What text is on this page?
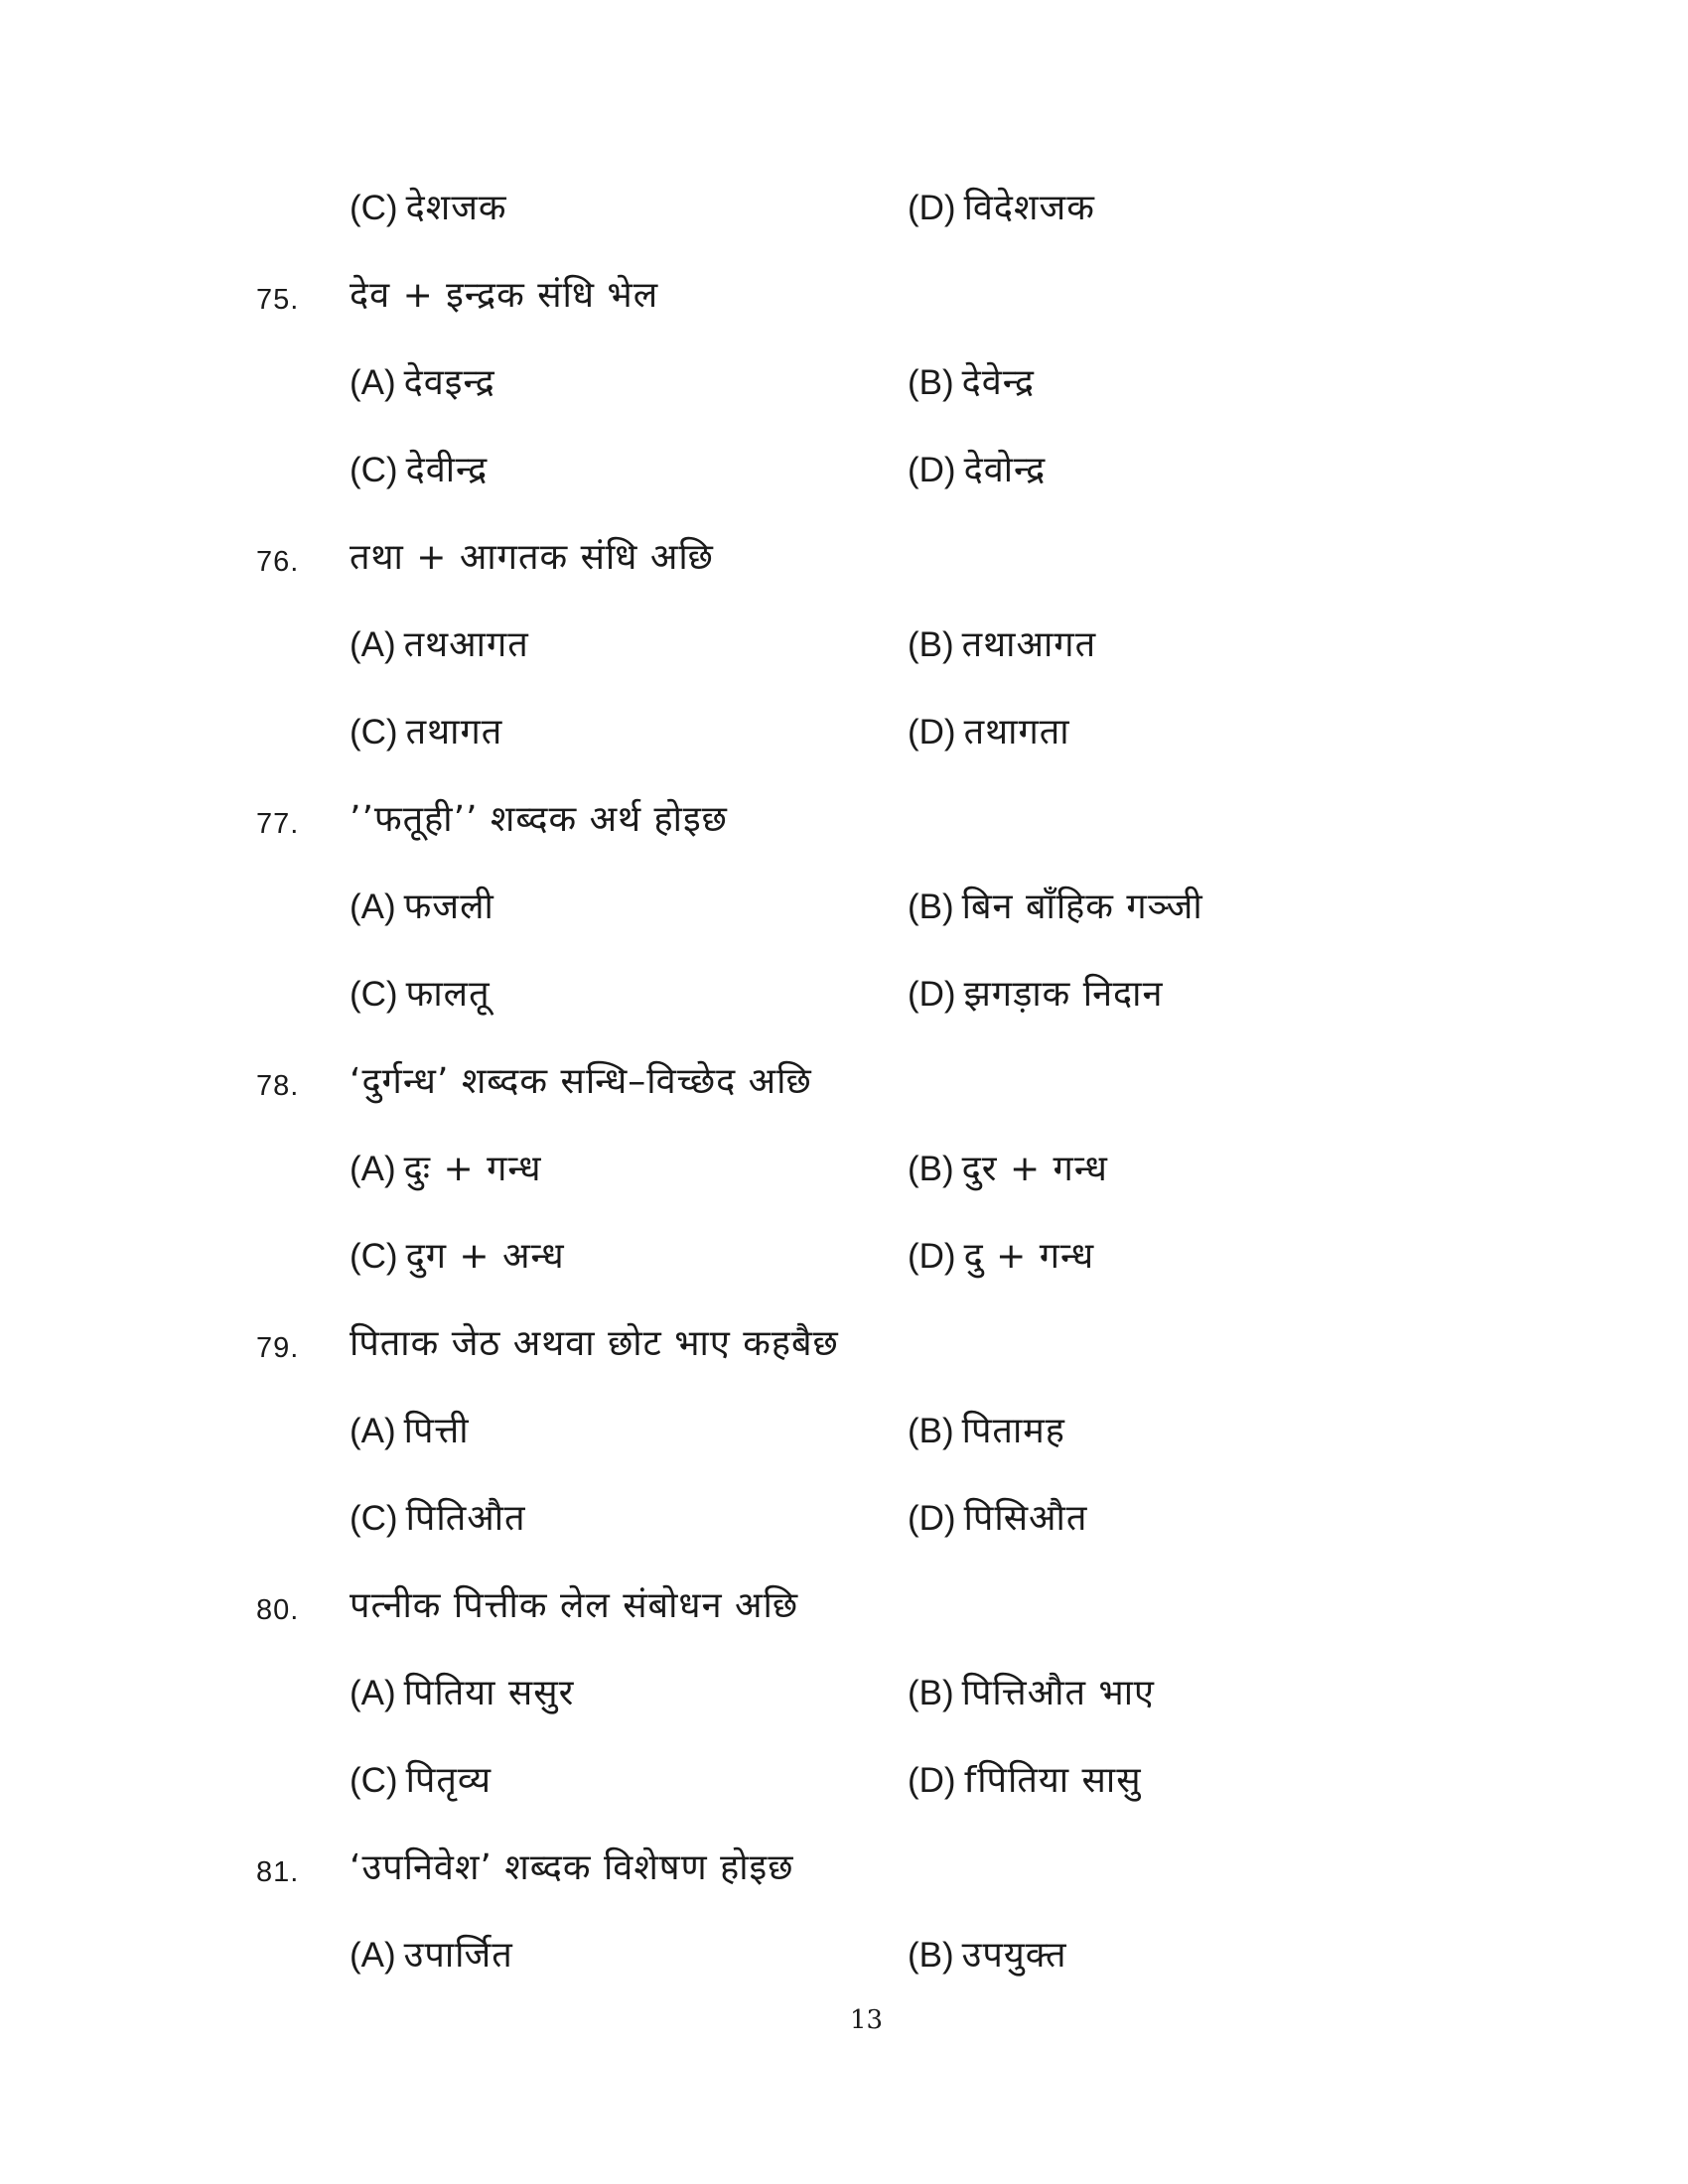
(C) देशजक	(D) विदेशजक
75. देव + इन्द्रक संधि भेल
(A) देवइन्द्र	(B) देवेन्द्र
(C) देवीन्द्र	(D) देवोन्द्र
76. तथा + आगतक संधि अछि
(A) तथआगत	(B) तथाआगत
(C) तथागत	(D) तथागता
77. ’’फतूही’’ शब्दक अर्थ होइछ
(A) फजली	(B) बिन बाँहिक गञ्जी
(C) फालतू	(D) झगड़ाक निदान
78. ‘दुर्गन्ध’ शब्दक सन्धि–विच्छेद अछि
(A) दुः + गन्ध	(B) दुर + गन्ध
(C) दुग + अन्ध	(D) दु + गन्ध
79. पिताक जेठ अथवा छोट भाए कहबैछ
(A) पित्ती	(B) पितामह
(C) पितिऔत	(D) पिसिऔत
80. पत्नीक पित्तीक लेल संबोधन अछि
(A) पितिया ससुर	(B) पित्तिऔत भाए
(C) पितृव्य	(D) fपितिया सासु
81. ‘उपनिवेश’ शब्दक विशेषण होइछ
(A) उपार्जित	(B) उपयुक्त
13
